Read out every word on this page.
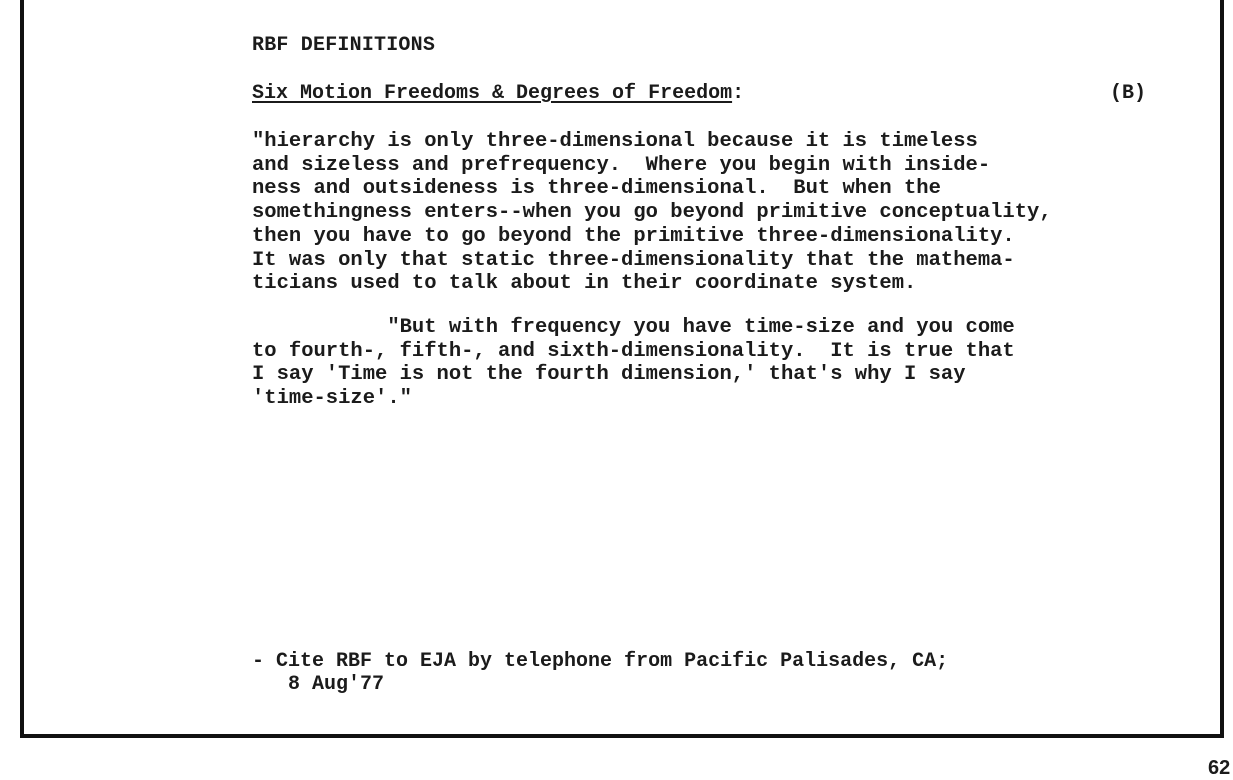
RBF DEFINITIONS
Six Motion Freedoms & Degrees of Freedom:	(B)
"hierarchy is only three-dimensional because it is timeless
and sizeless and prefrequency.  Where you begin with inside-
ness and outsideness is three-dimensional.  But when the
somethingness enters--when you go beyond primitive conceptuality,
then you have to go beyond the primitive three-dimensionality.
It was only that static three-dimensionality that the mathema-
ticians used to talk about in their coordinate system.
"But with frequency you have time-size and you come
to fourth-, fifth-, and sixth-dimensionality.  It is true that
I say 'Time is not the fourth dimension,' that's why I say
'time-size'."
- Cite RBF to EJA by telephone from Pacific Palisades, CA;
8 Aug'77
62
